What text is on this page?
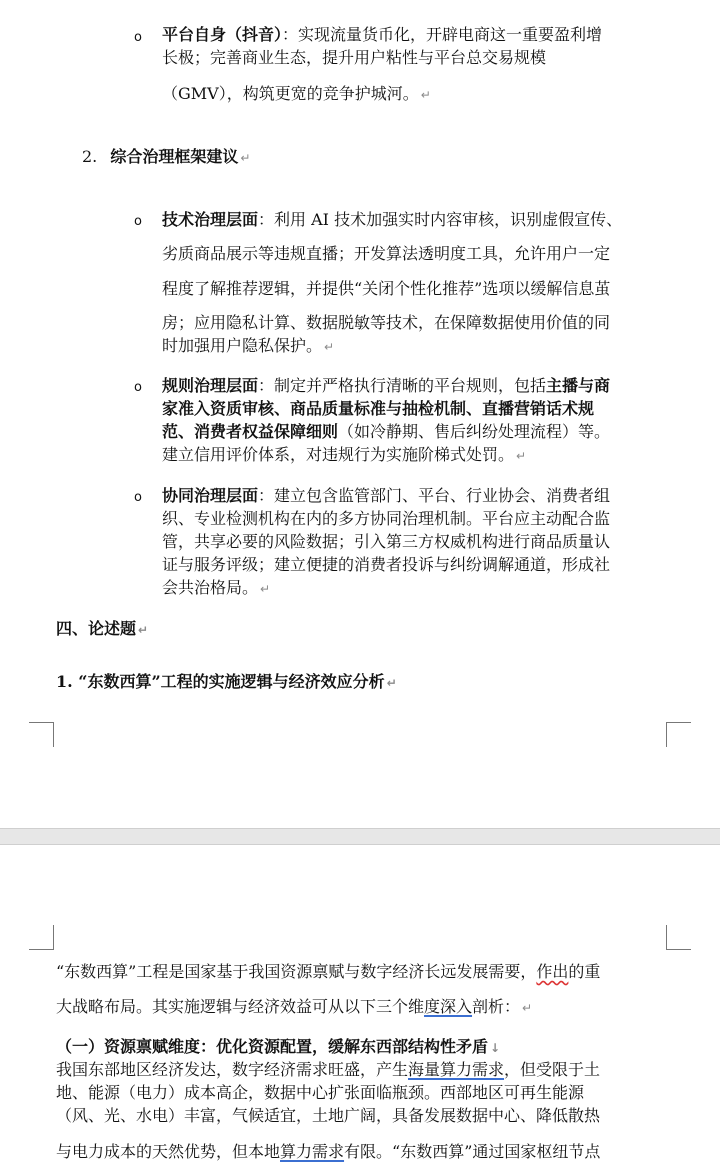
o 平台自身（抖音）：实现流量货币化，开辟电商这一重要盈利增
长极；完善商业生态，提升用户粘性与平台总交易规模
（GMV），构筑更宽的竞争护城河。 ↵
2. 综合治理框架建议 ↵
o 技术治理层面：利用 AI 技术加强实时内容审核，识别虚假宣传、
劣质商品展示等违规直播；开发算法透明度工具，允许用户一定
程度了解推荐逻辑，并提供“关闭个性化推荐”选项以缓解信息茧
房；应用隐私计算、数据脱敏等技术，在保障数据使用价值的同
时加强用户隐私保护。 ↵
o 规则治理层面：制定并严格执行清晰的平台规则，包括主播与商
家准入资质审核、商品质量标准与抽检机制、直播营销话术规
范、消费者权益保障细则（如冷静期、售后纠纷处理流程）等。
建立信用评价体系，对违规行为实施阶梯式处罚。 ↵
o 协同治理层面：建立包含监管部门、平台、行业协会、消费者组
织、专业检测机构在内的多方协同治理机制。平台应主动配合监
管，共享必要的风险数据；引入第三方权威机构进行商品质量认
证与服务评级；建立便捷的消费者投诉与纠纷调解通道，形成社
会共治格局。 ↵
四、论述题 ↵
1. “东数西算”工程的实施逻辑与经济效应分析 ↵
“东数西算”工程是国家基于我国资源禀赋与数字经济长远发展需要，作出的重
大战略布局。其实施逻辑与经济效益可从以下三个维度深入剖析： ↵
（一）资源禀赋维度：优化资源配置，缓解东西部结构性矛盾 ↓
我国东部地区经济发达，数字经济需求旺盛，产生海量算力需求，但受限于土
地、能源（电力）成本高企，数据中心扩张面临瓶颈。西部地区可再生能源
（风、光、水电）丰富，气候适宜，土地广阔，具备发展数据中心、降低散热
与电力成本的天然优势，但本地算力需求有限。“东数西算”通过国家枢纽节点
